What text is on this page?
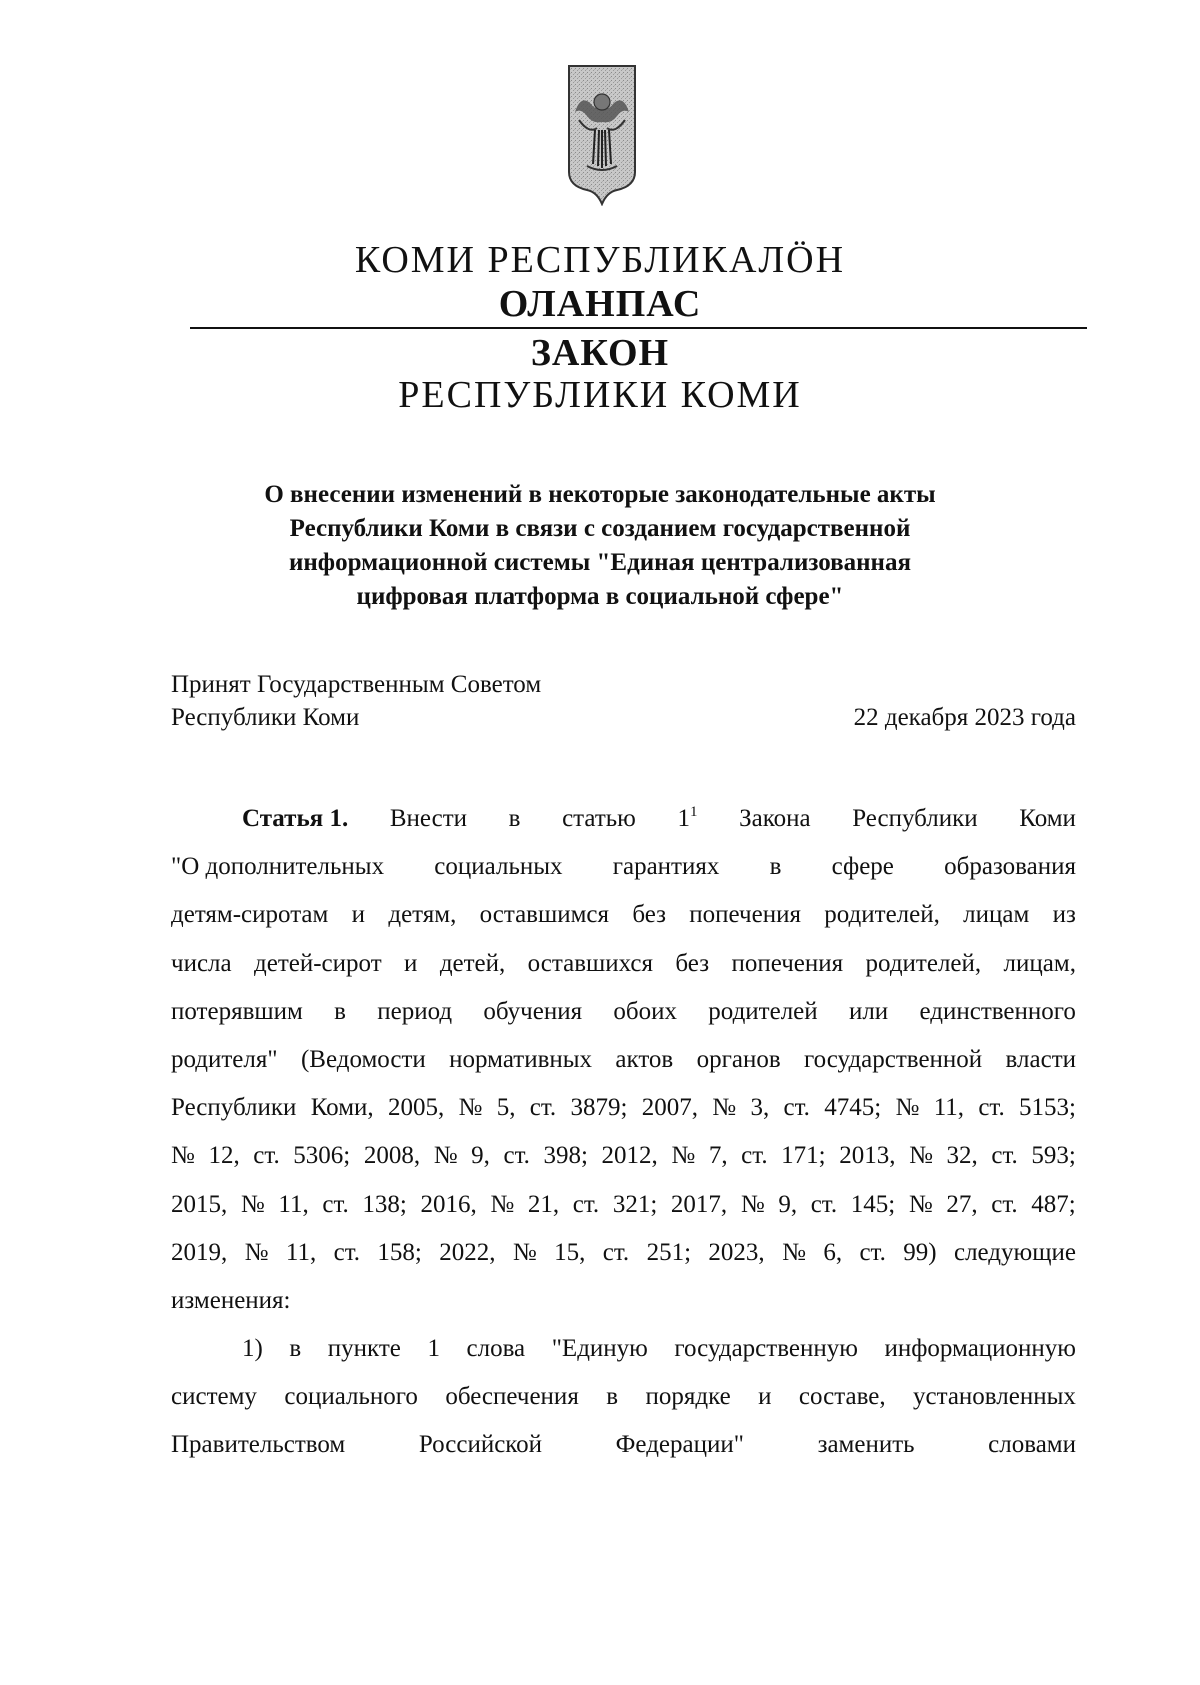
КОМИ РЕСПУБЛИКАЛӦН
ОЛАНПАС
ЗАКОН
РЕСПУБЛИКИ КОМИ
О внесении изменений в некоторые законодательные акты
Республики Коми в связи с созданием государственной
информационной системы "Единая централизованная
цифровая платформа в социальной сфере"
Принят Государственным Советом
Республики Коми	22 декабря 2023 года
Статья 1. Внести в статью $1^1$ Закона Республики Коми
"О дополнительных социальных гарантиях в сфере образования
детям-сиротам и детям, оставшимся без попечения родителей, лицам из
числа детей-сирот и детей, оставшихся без попечения родителей, лицам,
потерявшим в период обучения обоих родителей или единственного
родителя" (Ведомости нормативных актов органов государственной власти
Республики Коми, 2005, № 5, ст. 3879; 2007, № 3, ст. 4745; № 11, ст. 5153;
№ 12, ст. 5306; 2008, № 9, ст. 398; 2012, № 7, ст. 171; 2013, № 32, ст. 593;
2015, № 11, ст. 138; 2016, № 21, ст. 321; 2017, № 9, ст. 145; № 27, ст. 487;
2019, № 11, ст. 158; 2022, № 15, ст. 251; 2023, № 6, ст. 99) следующие
изменения:
1) в пункте 1 слова "Единую государственную информационную
систему социального обеспечения в порядке и составе, установленных
Правительством	Российской	Федерации"	заменить	словами
